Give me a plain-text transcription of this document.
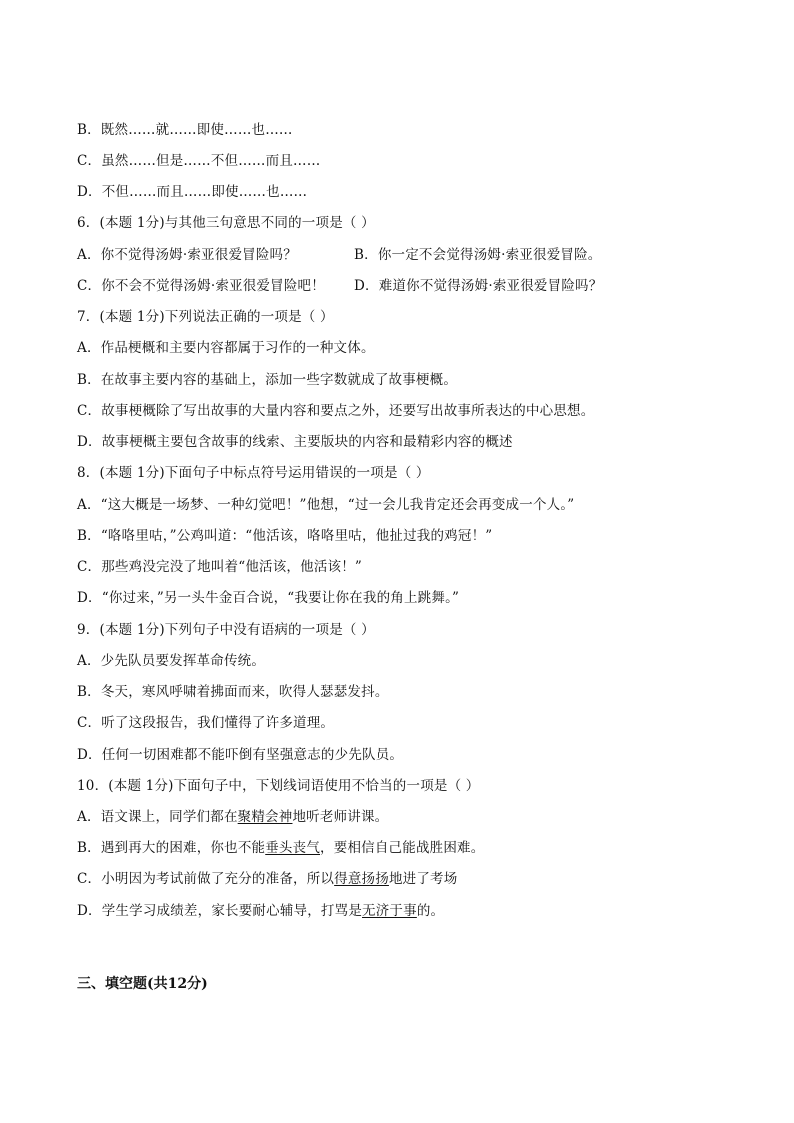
B．既然……就……即使……也……
C．虽然……但是……不但……而且……
D．不但……而且……即使……也……
6．(本题 1分)与其他三句意思不同的一项是（ ）
A．你不觉得汤姆·索亚很爱冒险吗？	B．你一定不会觉得汤姆·索亚很爱冒险。
C．你不会不觉得汤姆·索亚很爱冒险吧！ D．难道你不觉得汤姆·索亚很爱冒险吗？
7．(本题 1分)下列说法正确的一项是（ ）
A．作品梗概和主要内容都属于习作的一种文体。
B．在故事主要内容的基础上，添加一些字数就成了故事梗概。
C．故事梗概除了写出故事的大量内容和要点之外，还要写出故事所表达的中心思想。
D．故事梗概主要包含故事的线索、主要版块的内容和最精彩内容的概述
8．(本题 1分)下面句子中标点符号运用错误的一项是（ ）
A．“这大概是一场梦、一种幻觉吧！”他想，“过一会儿我肯定还会再变成一个人。”
B．“咯咯里咕，”公鸡叫道：“他活该，咯咯里咕，他扯过我的鸡冠！”
C．那些鸡没完没了地叫着“他活该，他活该！”
D．“你过来，”另一头牛金百合说，“我要让你在我的角上跳舞。”
9．(本题 1分)下列句子中没有语病的一项是（ ）
A．少先队员要发挥革命传统。
B．冬天，寒风呼啸着拂面而来，吹得人瑟瑟发抖。
C．听了这段报告，我们懂得了许多道理。
D．任何一切困难都不能吓倒有坚强意志的少先队员。
10．(本题 1分)下面句子中，下划线词语使用不恰当的一项是（ ）
A．语文课上，同学们都在聚精会神地听老师讲课。
B．遇到再大的困难，你也不能垂头丧气，要相信自己能战胜困难。
C．小明因为考试前做了充分的准备，所以得意扬扬地进了考场
D．学生学习成绩差，家长要耐心辅导，打骂是无济于事的。
三、填空题(共12分)
